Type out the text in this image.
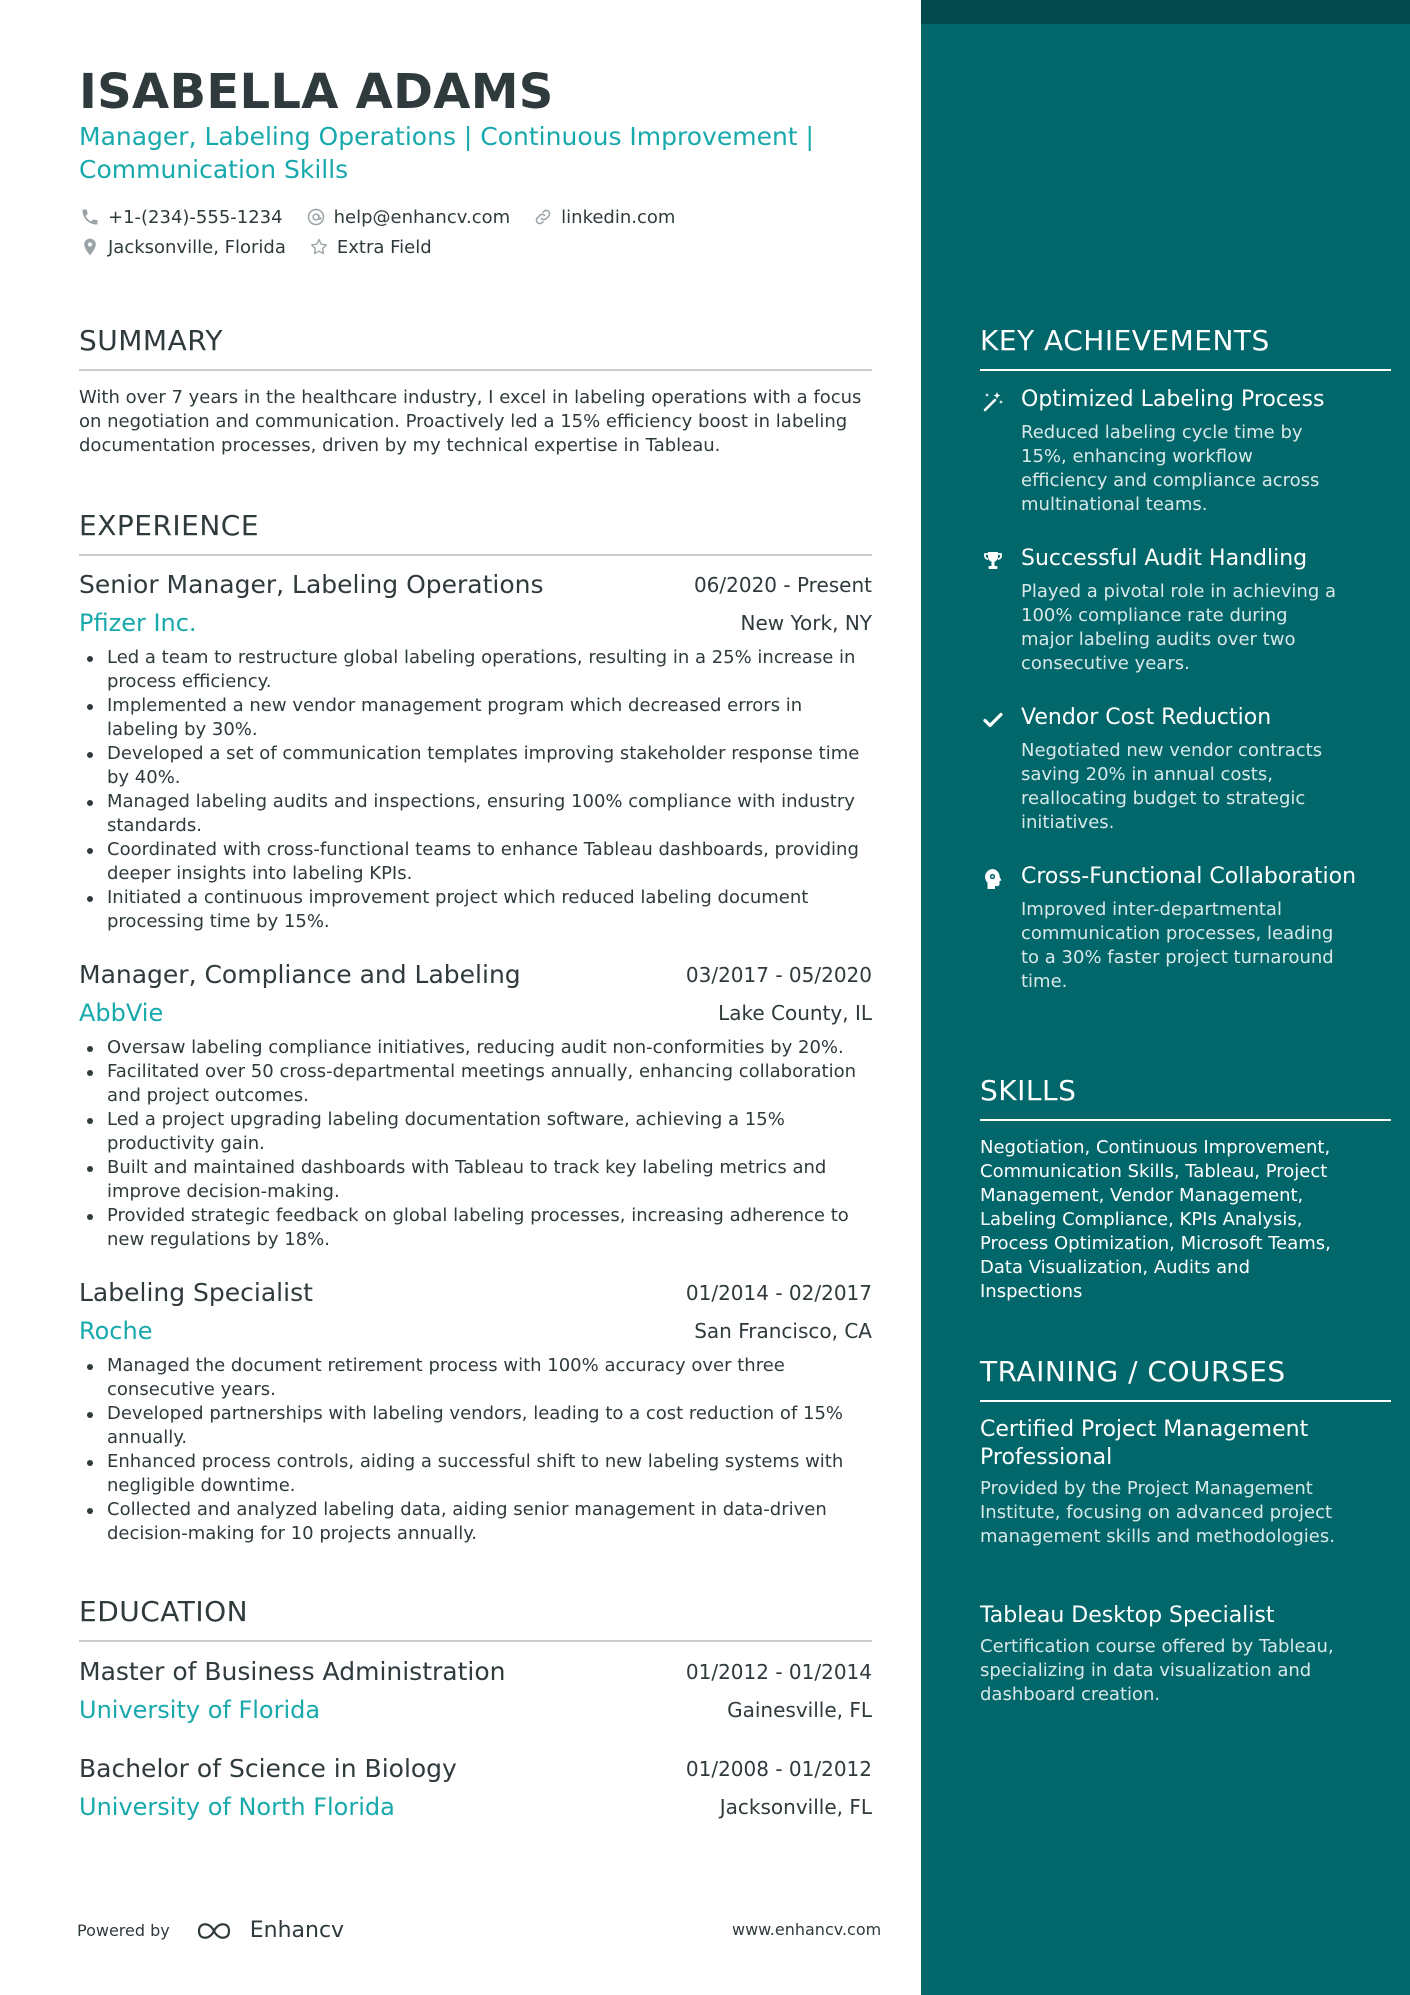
ISABELLA ADAMS
Manager, Labeling Operations | Continuous Improvement | Communication Skills
+1-(234)-555-1234	help@enhancv.com	linkedin.com
Jacksonville, Florida	Extra Field
SUMMARY

With over 7 years in the healthcare industry, I excel in labeling operations with a focus on negotiation and communication. Proactively led a 15% efficiency boost in labeling documentation processes, driven by my technical expertise in Tableau.

EXPERIENCE
Senior Manager, Labeling Operations	06/2020 - Present
Pfizer Inc.	New York, NY
Led a team to restructure global labeling operations, resulting in a 25% increase in process efficiency.
Implemented a new vendor management program which decreased errors in labeling by 30%.
Developed a set of communication templates improving stakeholder response time by 40%.
Managed labeling audits and inspections, ensuring 100% compliance with industry standards.
Coordinated with cross-functional teams to enhance Tableau dashboards, providing deeper insights into labeling KPIs.
Initiated a continuous improvement project which reduced labeling document processing time by 15%.
Manager, Compliance and Labeling	03/2017 - 05/2020
AbbVie	Lake County, IL
Oversaw labeling compliance initiatives, reducing audit non-conformities by 20%.
Facilitated over 50 cross-departmental meetings annually, enhancing collaboration and project outcomes.
Led a project upgrading labeling documentation software, achieving a 15% productivity gain.
Built and maintained dashboards with Tableau to track key labeling metrics and improve decision-making.
Provided strategic feedback on global labeling processes, increasing adherence to new regulations by 18%.
Labeling Specialist	01/2014 - 02/2017
Roche	San Francisco, CA
Managed the document retirement process with 100% accuracy over three consecutive years.
Developed partnerships with labeling vendors, leading to a cost reduction of 15% annually.
Enhanced process controls, aiding a successful shift to new labeling systems with negligible downtime.
Collected and analyzed labeling data, aiding senior management in data-driven decision-making for 10 projects annually.
EDUCATION
Master of Business Administration	01/2012 - 01/2014
University of Florida	Gainesville, FL
Bachelor of Science in Biology	01/2008 - 01/2012
University of North Florida	Jacksonville, FL
Powered by	Enhancv	www.enhancv.com
KEY ACHIEVEMENTS
Optimized Labeling Process
Reduced labeling cycle time by 15%, enhancing workflow efficiency and compliance across multinational teams.
Successful Audit Handling
Played a pivotal role in achieving a 100% compliance rate during major labeling audits over two consecutive years.
Vendor Cost Reduction
Negotiated new vendor contracts saving 20% in annual costs, reallocating budget to strategic initiatives.
Cross-Functional Collaboration
Improved inter-departmental communication processes, leading to a 30% faster project turnaround time.
SKILLS

Negotiation, Continuous Improvement, Communication Skills, Tableau, Project Management, Vendor Management, Labeling Compliance, KPIs Analysis, Process Optimization, Microsoft Teams, Data Visualization, Audits and Inspections

TRAINING / COURSES
Certified Project Management Professional
Provided by the Project Management Institute, focusing on advanced project management skills and methodologies.
Tableau Desktop Specialist
Certification course offered by Tableau, specializing in data visualization and dashboard creation.
